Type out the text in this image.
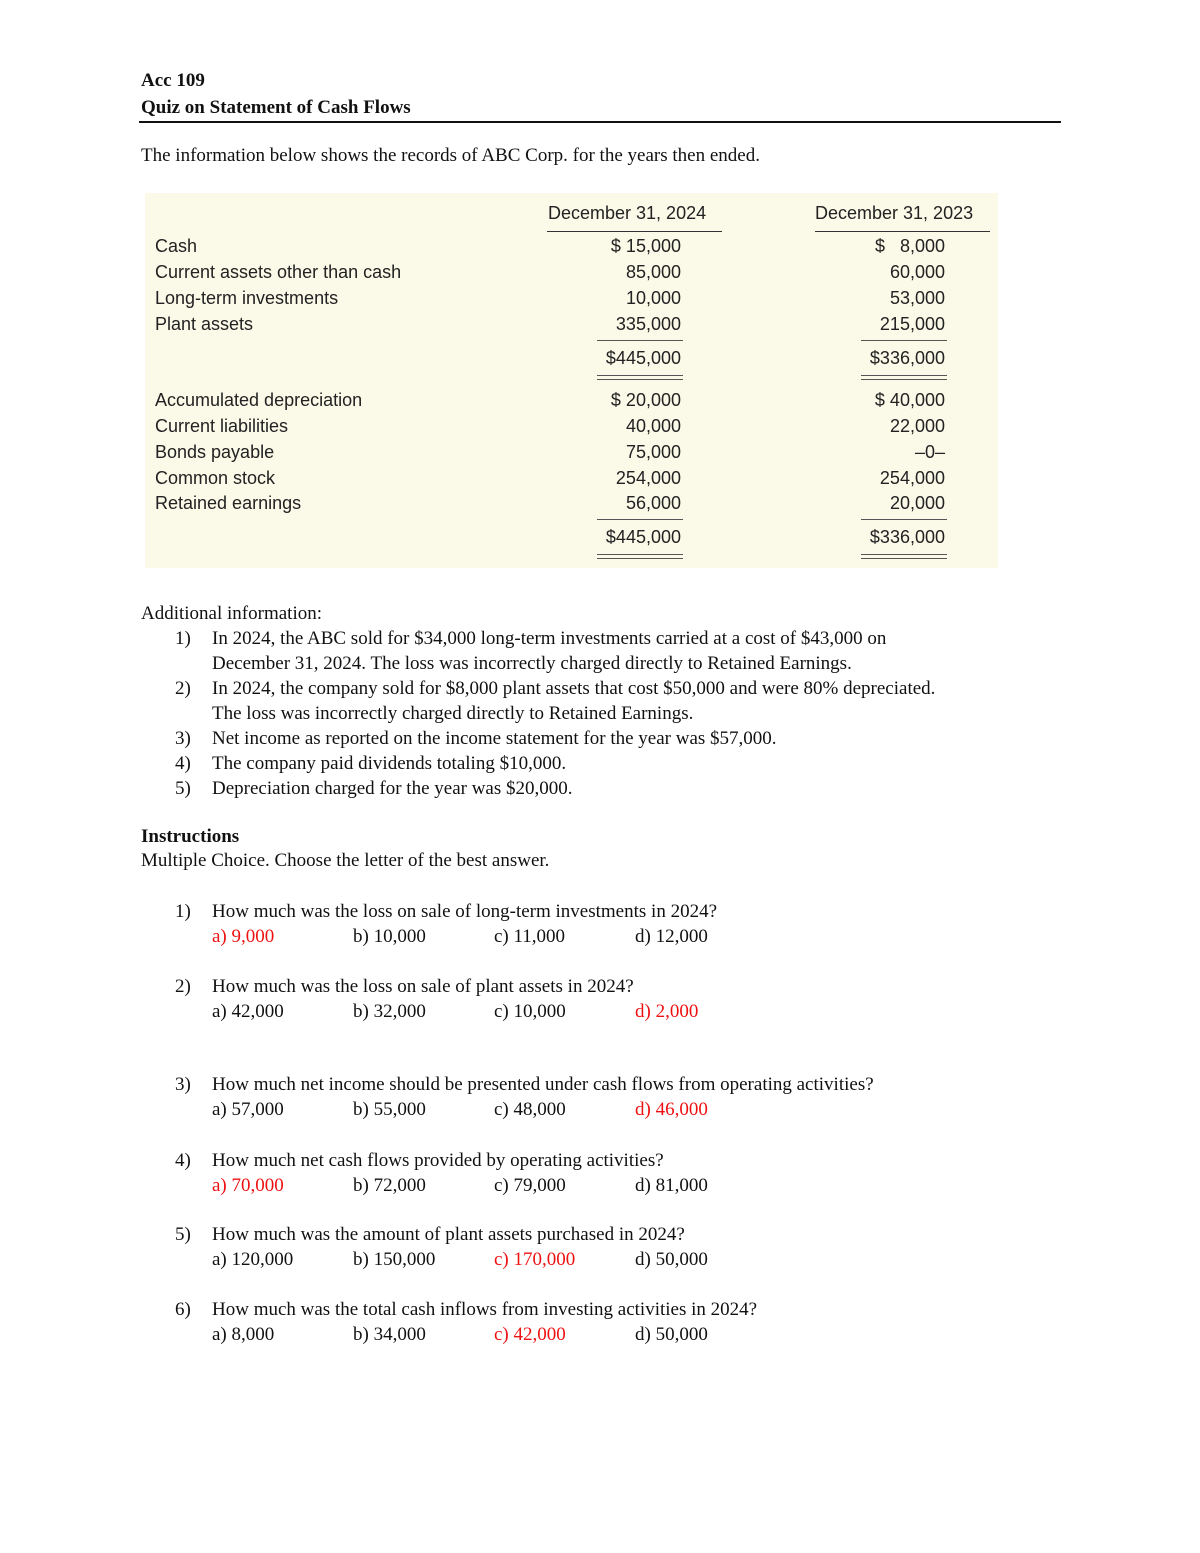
Acc 109
Quiz on Statement of Cash Flows
The information below shows the records of ABC Corp. for the years then ended.
December 31, 2024	December 31, 2023
Cash	$ 15,000	$   8,000
Current assets other than cash	85,000	60,000
Long-term investments	10,000	53,000
Plant assets	335,000	215,000
$445,000	$336,000
Accumulated depreciation	$ 20,000	$ 40,000
Current liabilities	40,000	22,000
Bonds payable	75,000	–0–
Common stock	254,000	254,000
Retained earnings	56,000	20,000
$445,000	$336,000
Additional information:
1) In 2024, the ABC sold for $34,000 long-term investments carried at a cost of $43,000 on
December 31, 2024. The loss was incorrectly charged directly to Retained Earnings.
2) In 2024, the company sold for $8,000 plant assets that cost $50,000 and were 80% depreciated.
The loss was incorrectly charged directly to Retained Earnings.
3) Net income as reported on the income statement for the year was $57,000.
4) The company paid dividends totaling $10,000.
5) Depreciation charged for the year was $20,000.
Instructions
Multiple Choice. Choose the letter of the best answer.
1) How much was the loss on sale of long-term investments in 2024?
a) 9,000	b) 10,000	c) 11,000	d) 12,000
2) How much was the loss on sale of plant assets in 2024?
a) 42,000	b) 32,000	c) 10,000	d) 2,000
3) How much net income should be presented under cash flows from operating activities?
a) 57,000	b) 55,000	c) 48,000	d) 46,000
4) How much net cash flows provided by operating activities?
a) 70,000	b) 72,000	c) 79,000	d) 81,000
5) How much was the amount of plant assets purchased in 2024?
a) 120,000	b) 150,000	c) 170,000	d) 50,000
6) How much was the total cash inflows from investing activities in 2024?
a) 8,000	b) 34,000	c) 42,000	d) 50,000
